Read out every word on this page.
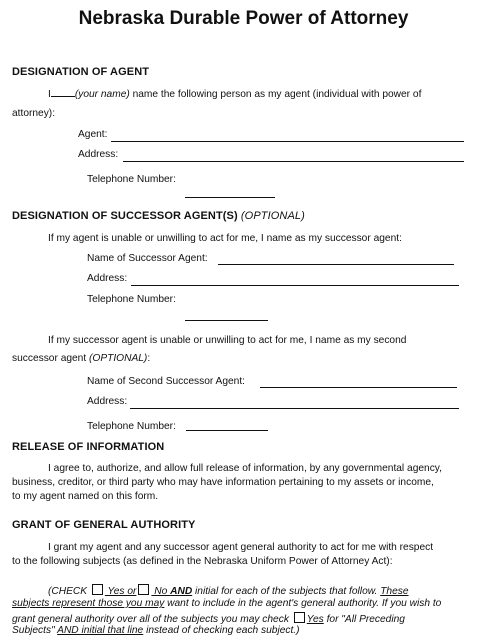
Nebraska Durable Power of Attorney
DESIGNATION OF AGENT
I (your name) name the following person as my agent (individual with power of
attorney):
Agent:
Address:
Telephone Number:
DESIGNATION OF SUCCESSOR AGENT(S) (OPTIONAL)
If my agent is unable or unwilling to act for me, I name as my successor agent:
Name of Successor Agent:
Address:
Telephone Number:
If my successor agent is unable or unwilling to act for me, I name as my second
successor agent (OPTIONAL):
Name of Second Successor Agent:
Address:
Telephone Number:
RELEASE OF INFORMATION
I agree to, authorize, and allow full release of information, by any governmental agency,
business, creditor, or third party who may have information pertaining to my assets or income,
to my agent named on this form.
GRANT OF GENERAL AUTHORITY
I grant my agent and any successor agent general authority to act for me with respect
to the following subjects (as defined in the Nebraska Uniform Power of Attorney Act):
(CHECK  Yes or No AND initial for each of the subjects that follow. These
subjects represent those you may want to include in the agent's general authority. If you wish to
grant general authority over all of the subjects you may check Yes for "All Preceding
Subjects" AND initial that line instead of checking each subject.)
